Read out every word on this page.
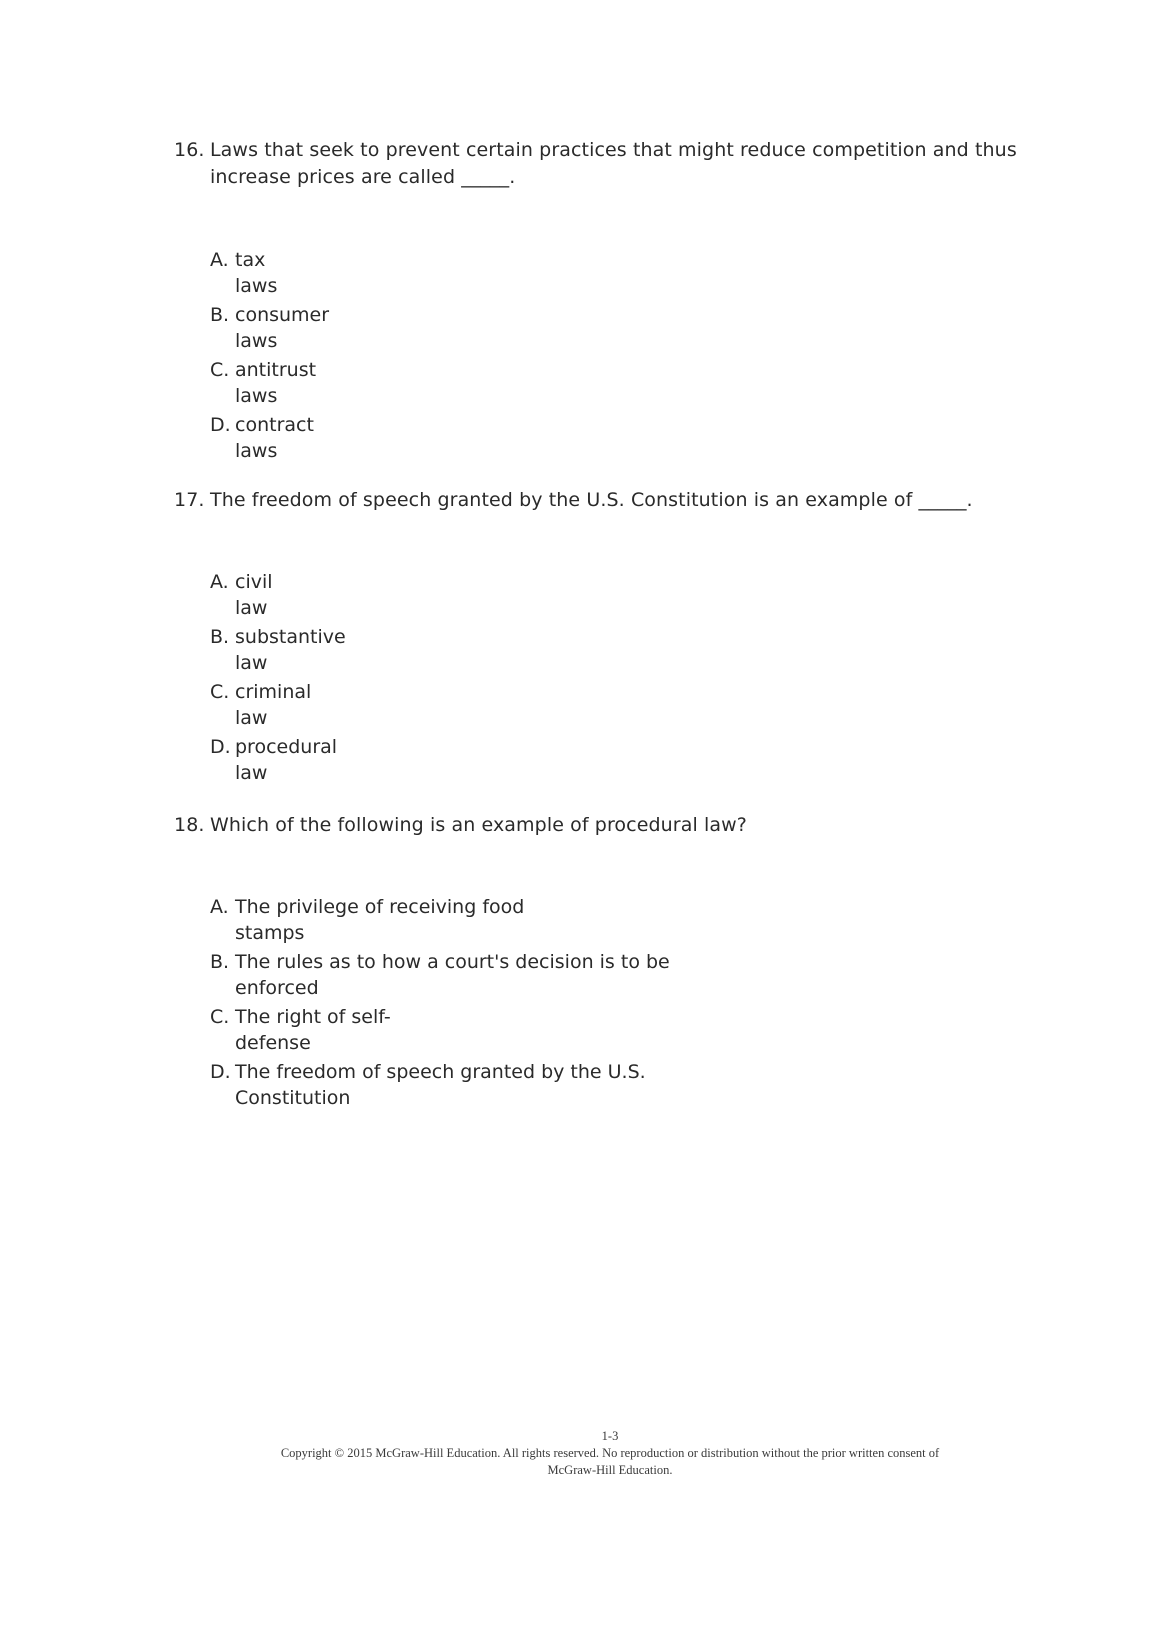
16. Laws that seek to prevent certain practices that might reduce competition and thus
increase prices are called _____.
A. tax
laws
B. consumer
laws
C. antitrust
laws
D. contract
laws
17. The freedom of speech granted by the U.S. Constitution is an example of _____.
A. civil
law
B. substantive
law
C. criminal
law
D. procedural
law
18. Which of the following is an example of procedural law?
A. The privilege of receiving food
stamps
B. The rules as to how a court's decision is to be
enforced
C. The right of self-
defense
D. The freedom of speech granted by the U.S.
Constitution
1-3
Copyright © 2015 McGraw-Hill Education. All rights reserved. No reproduction or distribution without the prior written consent of
McGraw-Hill Education.
